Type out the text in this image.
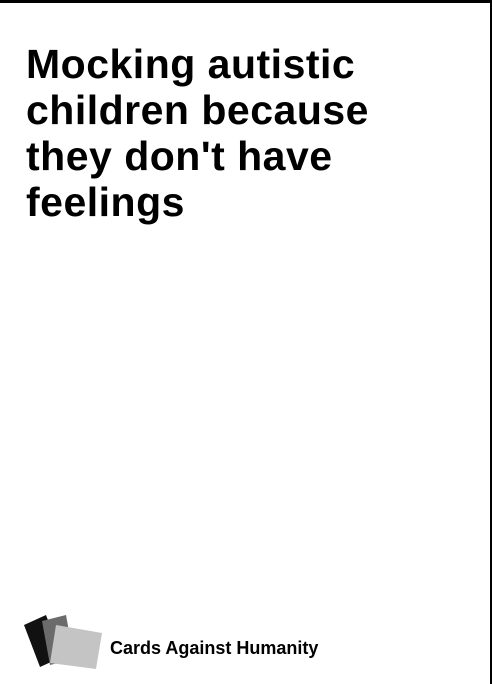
Mocking autistic children because they don't have feelings
Cards Against Humanity
